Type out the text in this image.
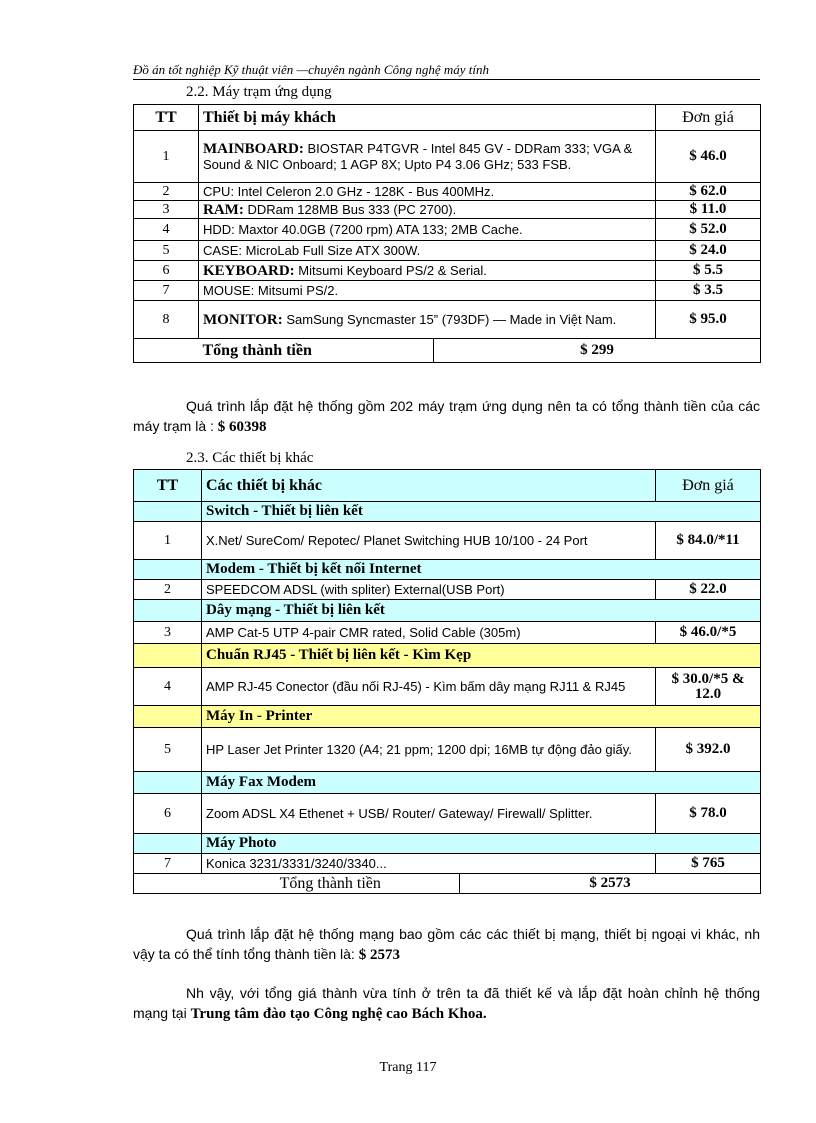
Đồ án tốt nghiệp Kỹ thuật viên —chuyên ngành Công nghệ máy tính
2.2. Máy trạm ứng dụng
TT	Thiết bị máy khách		Đơn giá
1	MAINBOARD: BIOSTAR P4TGVR - Intel 845 GV - DDRam 333; VGA & Sound & NIC Onboard; 1 AGP 8X; Upto P4 3.06 GHz; 533 FSB.		$ 46.0
2	CPU: Intel Celeron 2.0 GHz - 128K - Bus 400MHz.		$ 62.0
3	RAM: DDRam 128MB Bus 333 (PC 2700).		$ 11.0
4	HDD: Maxtor 40.0GB (7200 rpm) ATA 133; 2MB Cache.		$ 52.0
5	CASE: MicroLab Full Size ATX 300W.		$ 24.0
6	KEYBOARD: Mitsumi Keyboard PS/2 & Serial.		$ 5.5
7	MOUSE: Mitsumi PS/2.		$ 3.5
8	MONITOR: SamSung Syncmaster 15” (793DF) — Made in Việt Nam.		$ 95.0
	Tổng thành tiền	$ 299	
Quá trình lắp đặt hệ thống gồm 202 máy trạm ứng dụng nên ta có tổng thành tiền của các máy trạm là : $ 60398
2.3. Các thiết bị khác
TT	Các thiết bị khác		Đơn giá
	Switch - Thiết bị liên kết		
1	X.Net/ SureCom/ Repotec/ Planet Switching HUB 10/100 - 24 Port		$ 84.0/*11
	Modem - Thiết bị kết nối Internet		
2	SPEEDCOM ADSL (with spliter) External(USB Port)		$ 22.0
	Dây mạng - Thiết bị liên kết		
3	AMP Cat-5 UTP 4-pair CMR rated, Solid Cable (305m)		$ 46.0/*5
	Chuẩn RJ45 - Thiết bị liên kết - Kìm Kẹp		
4	AMP RJ-45 Conector (đầu nối RJ-45) - Kìm bấm dây mạng RJ11 & RJ45		$ 30.0/*5 & 12.0
	Máy In - Printer		
5	HP Laser Jet Printer 1320 (A4; 21 ppm; 1200 dpi; 16MB tự động đảo giấy.		$ 392.0
	Máy Fax Modem		
6	Zoom ADSL X4 Ethenet + USB/ Router/ Gateway/ Firewall/ Splitter.		$ 78.0
	Máy Photo		
7	Konica 3231/3331/3240/3340...		$ 765
	Tổng thành tiền	$ 2573	
Quá trình lắp đặt hệ thống mạng bao gồm các các thiết bị mạng, thiết bị ngoại vi khác, nh vậy ta có thể tính tổng thành tiền là: $ 2573
Nh vậy, với tổng giá thành vừa tính ở trên ta đã thiết kế và lắp đặt hoàn chỉnh hệ thống mạng tại Trung tâm đào tạo Công nghệ cao Bách Khoa.
Trang 117
